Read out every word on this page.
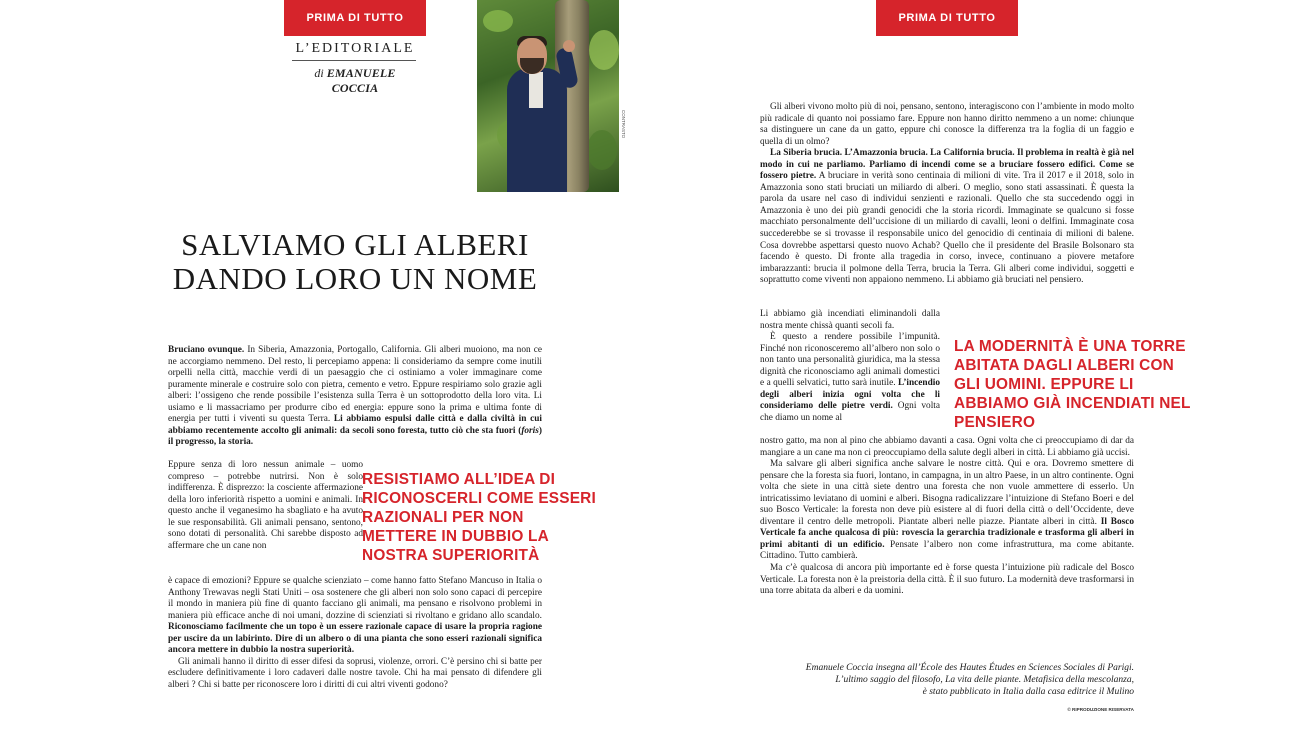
PRIMA DI TUTTO
L’EDITORIALE
di EMANUELE COCCIA
SALVIAMO GLI ALBERI
DANDO LORO UN NOME

Bruciano ovunque. In Siberia, Amazzonia, Portogallo, California. Gli alberi muoiono, ma non ce ne accorgiamo nemmeno. Del resto, li percepiamo appena: li consideriamo da sempre come inutili orpelli nella città, macchie verdi di un paesaggio che ci ostiniamo a voler immaginare come puramente minerale e costruire solo con pietra, cemento e vetro. Eppure respiriamo solo grazie agli alberi: l’ossigeno che rende possibile l’esistenza sulla Terra è un sottoprodotto della loro vita. Li usiamo e li massacriamo per produrre cibo ed energia: eppure sono la prima e ultima fonte di energia per tutti i viventi su questa Terra. Li abbiamo espulsi dalle città e dalla civiltà in cui abbiamo recentemente accolto gli animali: da secoli sono foresta, tutto ciò che sta fuori (foris) il progresso, la storia.

Eppure senza di loro nessun animale – uomo compreso – potrebbe nutrirsi. Non è solo indifferenza. È disprezzo: la cosciente affermazione della loro inferiorità rispetto a uomini e animali. In questo anche il veganesimo ha sbagliato e ha avuto le sue responsabilità. Gli animali pensano, sentono, sono dotati di personalità. Chi sarebbe disposto ad affermare che un cane non

RESISTIAMO ALL’IDEA DI RICONOSCERLI COME ESSERI RAZIONALI PER NON METTERE IN DUBBIO LA NOSTRA SUPERIORITÀ

è capace di emozioni? Eppure se qualche scienziato – come hanno fatto Stefano Mancuso in Italia o Anthony Trewavas negli Stati Uniti – osa sostenere che gli alberi non solo sono capaci di percepire il mondo in maniera più fine di quanto facciano gli animali, ma pensano e risolvono problemi in maniera più efficace anche di noi umani, dozzine di scienziati si rivoltano e gridano allo scandalo. Riconosciamo facilmente che un topo è un essere razionale capace di usare la propria ragione per uscire da un labirinto. Dire di un albero o di una pianta che sono esseri razionali significa ancora mettere in dubbio la nostra superiorità.

Gli animali hanno il diritto di esser difesi da soprusi, violenze, orrori. C’è persino chi si batte per escludere definitivamente i loro cadaveri dalle nostre tavole. Chi ha mai pensato di difendere gli alberi ? Chi si batte per riconoscere loro i diritti di cui altri viventi godono?

CONTRASTO
PRIMA DI TUTTO

Gli alberi vivono molto più di noi, pensano, sentono, interagiscono con l’ambiente in modo molto più radicale di quanto noi possiamo fare. Eppure non hanno diritto nemmeno a un nome: chiunque sa distinguere un cane da un gatto, eppure chi conosce la differenza tra la foglia di un faggio e quella di un olmo?

La Siberia brucia. L’Amazzonia brucia. La California brucia. Il problema in realtà è già nel modo in cui ne parliamo. Parliamo di incendi come se a bruciare fossero edifici. Come se fossero pietre. A bruciare in verità sono centinaia di milioni di vite. Tra il 2017 e il 2018, solo in Amazzonia sono stati bruciati un miliardo di alberi. O meglio, sono stati assassinati. È questa la parola da usare nel caso di individui senzienti e razionali. Quello che sta succedendo oggi in Amazzonia è uno dei più grandi genocidi che la storia ricordi. Immaginate se qualcuno si fosse macchiato personalmente dell’uccisione di un miliardo di cavalli, leoni o delfini. Immaginate cosa succederebbe se si trovasse il responsabile unico del genocidio di centinaia di milioni di balene. Cosa dovrebbe aspettarsi questo nuovo Achab? Quello che il presidente del Brasile Bolsonaro sta facendo è questo. Di fronte alla tragedia in corso, invece, continuano a piovere metafore imbarazzanti: brucia il polmone della Terra, brucia la Terra. Gli alberi come individui, soggetti e soprattutto come viventi non appaiono nemmeno. Li abbiamo già bruciati nel pensiero.

Li abbiamo già incendiati eliminandoli dalla nostra mente chissà quanti secoli fa.

È questo a rendere possibile l’impunità. Finché non riconosceremo all’albero non solo o non tanto una personalità giuridica, ma la stessa dignità che riconosciamo agli animali domestici e a quelli selvatici, tutto sarà inutile. L’incendio degli alberi inizia ogni volta che li consideriamo delle pietre verdi. Ogni volta che diamo un nome al

LA MODERNITÀ È UNA TORRE ABITATA DAGLI ALBERI CON GLI UOMINI. EPPURE LI ABBIAMO GIÀ INCENDIATI NEL PENSIERO

nostro gatto, ma non al pino che abbiamo davanti a casa. Ogni volta che ci preoccupiamo di dar da mangiare a un cane ma non ci preoccupiamo della salute degli alberi in città. Li abbiamo già uccisi.

Ma salvare gli alberi significa anche salvare le nostre città. Qui e ora. Dovremo smettere di pensare che la foresta sia fuori, lontano, in campagna, in un altro Paese, in un altro continente. Ogni volta che siete in una città siete dentro una foresta che non vuole ammettere di esserlo. Un intricatissimo leviatano di uomini e alberi. Bisogna radicalizzare l’intuizione di Stefano Boeri e del suo Bosco Verticale: la foresta non deve più esistere al di fuori della città o dell’Occidente, deve diventare il centro delle metropoli. Piantate alberi nelle piazze. Piantate alberi in città. Il Bosco Verticale fa anche qualcosa di più: rovescia la gerarchia tradizionale e trasforma gli alberi in primi abitanti di un edificio. Pensate l’albero non come infrastruttura, ma come abitante. Cittadino. Tutto cambierà.

Ma c’è qualcosa di ancora più importante ed è forse questa l’intuizione più radicale del Bosco Verticale. La foresta non è la preistoria della città. È il suo futuro. La modernità deve trasformarsi in una torre abitata da alberi e da uomini.

Emanuele Coccia insegna all’École des Hautes Études en Sciences Sociales di Parigi.
L’ultimo saggio del filosofo, La vita delle piante. Metafisica della mescolanza,
è stato pubblicato in Italia dalla casa editrice il Mulino
© RIPRODUZIONE RISERVATA
